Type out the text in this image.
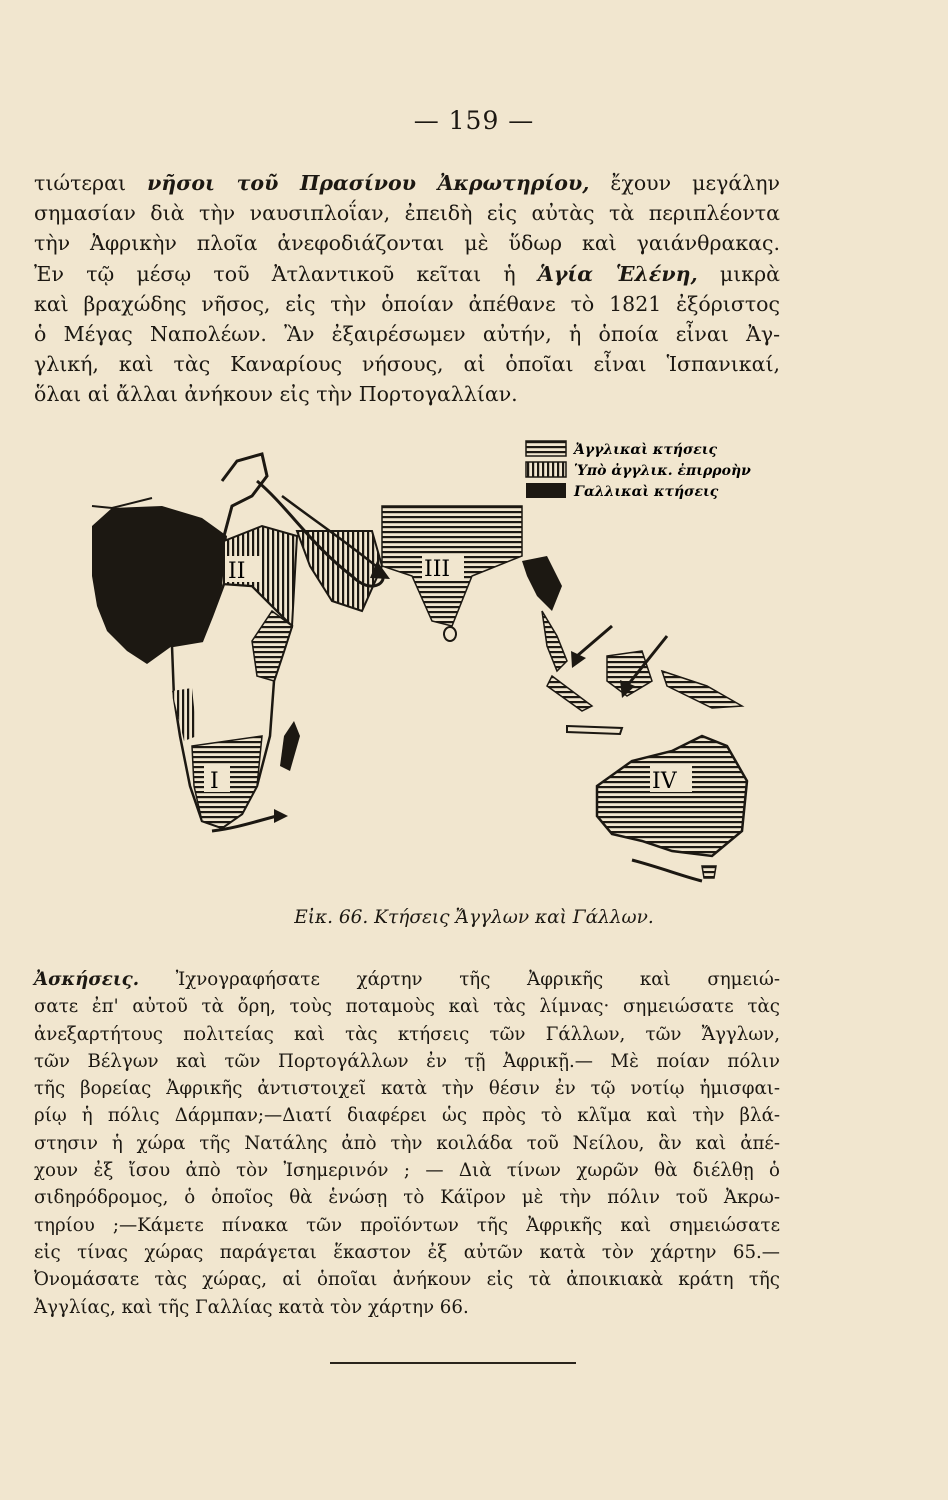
— 159 —
τιώτεραι νῆσοι τοῦ Πρασίνου Ἀκρωτηρίου, ἔχουν μεγάλην
σημασίαν διὰ τὴν ναυσιπλοΐαν, ἐπειδὴ εἰς αὐτὰς τὰ περιπλέοντα
τὴν Ἀφρικὴν πλοῖα ἀνεφοδιάζονται μὲ ὕδωρ καὶ γαιάνθρακας.
Ἐν τῷ μέσῳ τοῦ Ἀτλαντικοῦ κεῖται ἡ Ἁγία Ἑλένη, μικρὰ
καὶ βραχώδης νῆσος, εἰς τὴν ὁποίαν ἀπέθανε τὸ 1821 ἐξόριστος
ὁ Μέγας Ναπολέων. Ἂν ἐξαιρέσωμεν αὐτήν, ἡ ὁποία εἶναι Ἀγ-
γλική, καὶ τὰς Καναρίους νήσους, αἱ ὁποῖαι εἶναι Ἱσπανικαί,
ὅλαι αἱ ἄλλαι ἀνήκουν εἰς τὴν Πορτογαλλίαν.
Ἀγγλικαὶ κτήσεις
Ὑπὸ ἀγγλικ. ἐπιρροὴν
Γαλλικαὶ κτήσεις
I
II	III
IV
Εἰκ. 66. Κτήσεις Ἄγγλων καὶ Γάλλων.
Ἀσκήσεις. Ἰχνογραφήσατε χάρτην τῆς Ἀφρικῆς καὶ σημειώ-
σατε ἐπ' αὐτοῦ τὰ ὄρη, τοὺς ποταμοὺς καὶ τὰς λίμνας· σημειώσατε τὰς
ἀνεξαρτήτους πολιτείας καὶ τὰς κτήσεις τῶν Γάλλων, τῶν Ἄγγλων,
τῶν Βέλγων καὶ τῶν Πορτογάλλων ἐν τῇ Ἀφρικῇ.— Μὲ ποίαν πόλιν
τῆς βορείας Ἀφρικῆς ἀντιστοιχεῖ κατὰ τὴν θέσιν ἐν τῷ νοτίῳ ἡμισφαι-
ρίῳ ἡ πόλις Δάρμπαν;—Διατί διαφέρει ὡς πρὸς τὸ κλῖμα καὶ τὴν βλά-
στησιν ἡ χώρα τῆς Νατάλης ἀπὸ τὴν κοιλάδα τοῦ Νείλου, ἂν καὶ ἀπέ-
χουν ἐξ ἴσου ἀπὸ τὸν Ἰσημερινόν ; — Διὰ τίνων χωρῶν θὰ διέλθῃ ὁ
σιδηρόδρομος, ὁ ὁποῖος θὰ ἑνώσῃ τὸ Κάϊρον μὲ τὴν πόλιν τοῦ Ἀκρω-
τηρίου ;—Κάμετε πίνακα τῶν προϊόντων τῆς Ἀφρικῆς καὶ σημειώσατε
εἰς τίνας χώρας παράγεται ἕκαστον ἐξ αὐτῶν κατὰ τὸν χάρτην 65.—
Ὀνομάσατε τὰς χώρας, αἱ ὁποῖαι ἀνήκουν εἰς τὰ ἀποικιακὰ κράτη τῆς
Ἀγγλίας, καὶ τῆς Γαλλίας κατὰ τὸν χάρτην 66.
